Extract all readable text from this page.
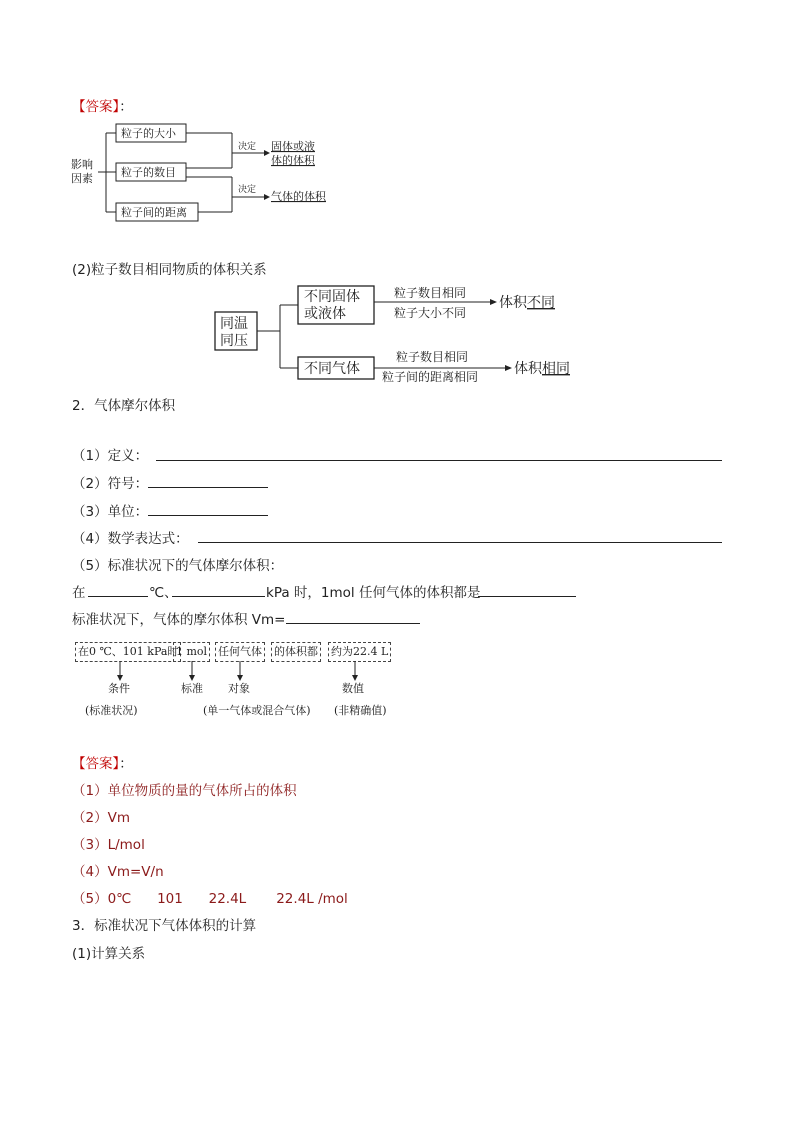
【答案】：
影响
因素
粒子的大小
粒子的数目
粒子间的距离
决定 固体或液
体的体积
决定 气体的体积
(2)粒子数目相同物质的体积关系
同温
同压
不同固体
或液体
不同气体
粒子数目相同
粒子大小不同
体积不同
粒子数目相同
粒子间的距离相同	体积相同
2．气体摩尔体积
（1）定义：
（2）符号：
（3）单位：
（4）数学表达式：
（5）标准状况下的气体摩尔体积：
在	℃、	kPa 时，1mol 任何气体的体积都是
标准状况下，气体的摩尔体积 Vm=
在0 ℃、101 kPa时
1 mol 任何气体 的体积都 约为22.4 L
条件	标准 对象	数值
(标准状况)	(单一气体或混合气体) (非精确值)
【答案】：
（1）单位物质的量的气体所占的体积
（2）Vm
（3）L/mol
（4）Vm=V/n
（5）0℃      101      22.4L       22.4L /mol
3．标准状况下气体体积的计算
(1)计算关系
